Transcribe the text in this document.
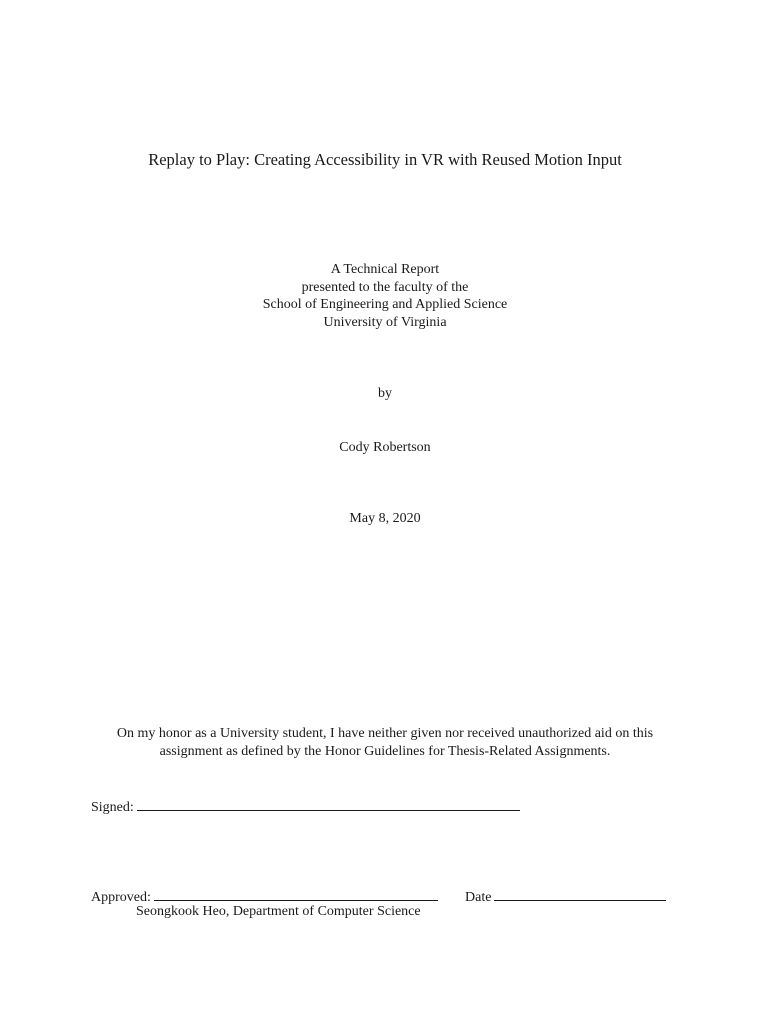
Replay to Play: Creating Accessibility in VR with Reused Motion Input
A Technical Report
presented to the faculty of the
School of Engineering and Applied Science
University of Virginia
by
Cody Robertson
May 8, 2020
On my honor as a University student, I have neither given nor received unauthorized aid on this
assignment as defined by the Honor Guidelines for Thesis-Related Assignments.
Signed:
Approved:	Date
Seongkook Heo, Department of Computer Science
